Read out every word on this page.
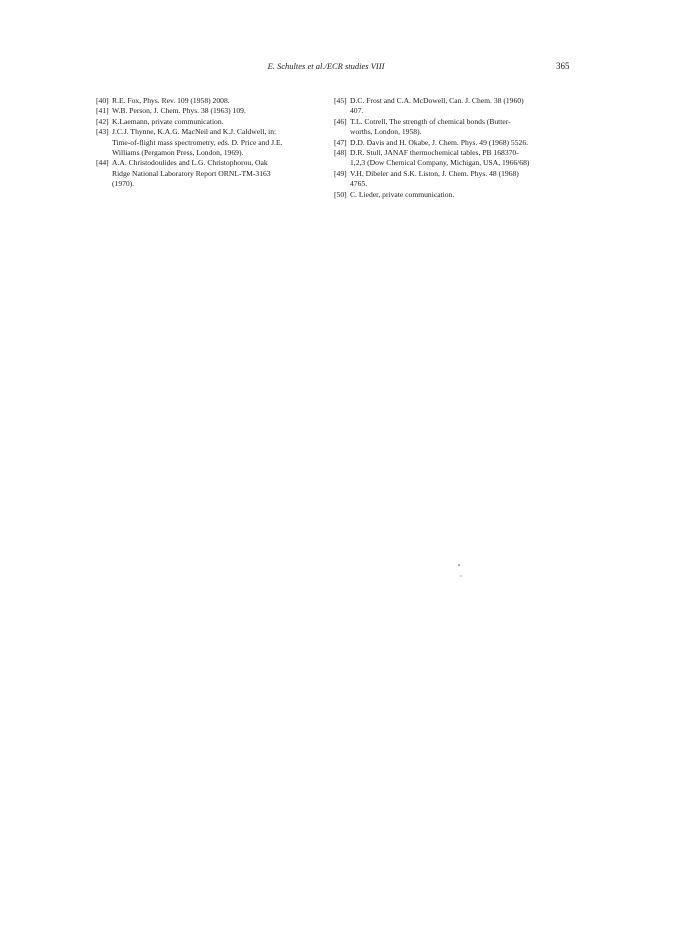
E. Schultes et al./ECR studies VIII	365
[40] R.E. Fox, Phys. Rev. 109 (1958) 2008.
[41] W.B. Person, J. Chem. Phys. 38 (1963) 109.
[42] K.Laemann, private communication.
[43] J.C.J. Thynne, K.A.G. MacNeil and K.J. Caldwell, in:
Time-of-flight mass spectrometry, eds. D. Price and J.E.
Williams (Pergamon Press, London, 1969).
[44] A.A. Christodoulides and L.G. Christophorou, Oak
Ridge National Laboratory Report ORNL-TM-3163
(1970).
[45] D.C. Frost and C.A. McDowell, Can. J. Chem. 38 (1960)
407.
[46] T.L. Cotrell, The strength of chemical bonds (Butter-
worths, London, 1958).
[47] D.D. Davis and H. Okabe, J. Chem. Phys. 49 (1968) 5526.
[48] D.R. Stull, JANAF thermochemical tables, PB 168370-
1,2,3 (Dow Chemical Company, Michigan, USA, 1966/68)
[49] V.H. Dibeler and S.K. Liston, J. Chem. Phys. 48 (1968)
4765.
[50] C. Lieder, private communication.
